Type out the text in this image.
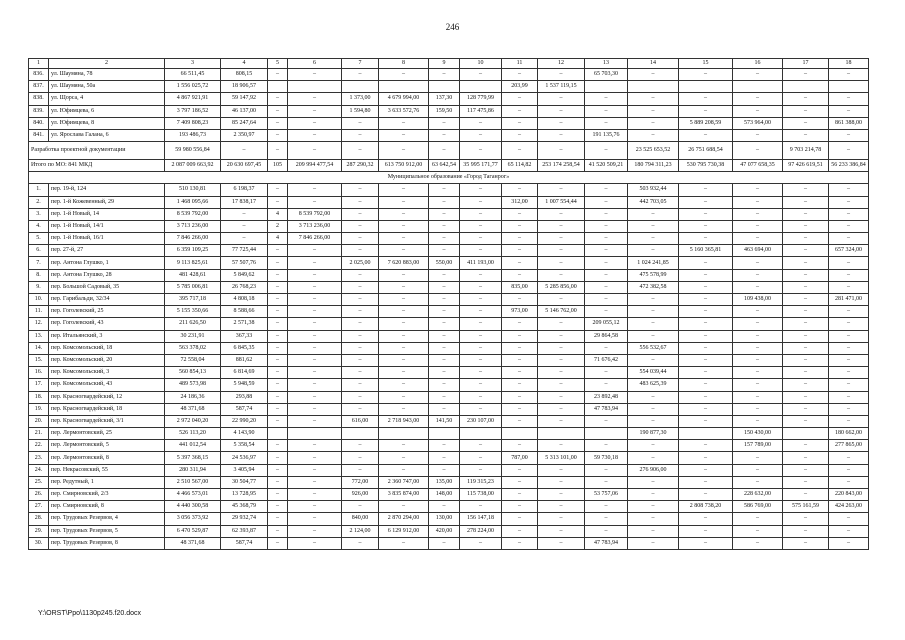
246
1	2	3	4	5	6	7	8	9	10	11	12	13	14	15	16	17	18
836.	ул. Шаумяна, 78	66 511,45	808,15	–	–	–	–	–	–	–	–	65 703,30	–	–	–	–	–
837.	ул. Шаумяна, 50а	1 556 025,72	18 906,57							203,99	1 537 119,15						
838.	ул. Щорса, 4	4 867 921,91	59 147,92	–	–	1 373,00	4 679 994,00	137,30	128 779,99	–	–	–	–	–	–	–	–
839.	ул. Юфимцева, 6	3 797 186,52	46 137,00	–	–	1 594,80	3 633 572,76	159,50	117 475,86	–	–	–	–	–	–	–	–
840.	ул. Юфимцева, 8	7 409 808,23	85 247,64	–	–	–	–	–	–	–	–	–	–	5 889 208,59	573 964,00	–	861 388,00
841.	ул. Ярослава Галана, 6	193 486,73	2 350,97	–	–	–	–	–	–	–	–	191 135,76	–	–	–	–	–
Разработка проектной документации		59 980 556,84	–	–	–	–	–	–	–	–	–	–	23 525 653,52	26 751 688,54	–	9 703 214,78	–
Итого по МО: 841 МКД		2 087 009 663,92	20 630 697,45	105	209 994 477,54	287 290,32	613 750 912,00	63 642,54	35 995 171,77	65 114,82	253 174 258,54	41 520 509,21	180 794 311,23	530 795 730,38	47 077 658,35	97 426 619,51	56 233 386,84
Муниципальное образование «Город Таганрог»																	
1.	пер. 19-й, 124	510 130,81	6 198,37	–	–	–	–	–	–	–	–	–	503 932,44	–	–	–	–
2.	пер. 1-й Кожевенный, 29	1 468 095,66	17 838,17	–	–	–	–	–	–	312,00	1 007 554,44	–	442 703,05	–	–	–	–
3.	пер. 1-й Новый, 14	8 539 792,00	–	4	8 539 792,00	–	–	–	–	–	–	–	–	–	–	–	–
4.	пер. 1-й Новый, 14/1	3 713 236,00	–	2	3 713 236,00	–	–	–	–	–	–	–	–	–	–	–	–
5.	пер. 1-й Новый, 16/1	7 846 266,00	–	4	7 846 266,00	–	–	–	–	–	–	–	–	–	–	–	–
6.	пер. 27-й, 27	6 359 109,25	77 725,44	–	–	–	–	–	–	–	–	–	–	5 160 365,81	463 694,00	–	657 324,00
7.	пер. Антона Глушко, 1	9 113 825,61	57 507,76	–	–	2 025,00	7 620 883,00	550,00	411 193,00	–	–	–	1 024 241,85	–	–	–	–
8.	пер. Антона Глушко, 28	481 428,61	5 849,62	–	–	–	–	–	–	–	–	–	475 578,99	–	–	–	–
9.	пер. Большой Садовый, 35	5 785 006,81	26 768,23	–	–	–	–	–	–	835,00	5 285 856,00	–	472 382,58	–	–	–	–
10.	пер. Гарибальди, 32/34	395 717,18	4 808,18	–	–	–	–	–	–	–	–	–	–	–	109 438,00	–	281 471,00
11.	пер. Гоголевский, 25	5 155 350,66	8 588,66	–	–	–	–	–	–	973,00	5 146 762,00	–	–	–	–	–	–
12.	пер. Гоголевский, 43	211 626,50	2 571,38	–	–	–	–	–	–	–	–	209 055,12	–	–	–	–	–
13.	пер. Итальянский, 3	30 231,91	367,33	–	–	–	–	–	–	–	–	29 864,58	–	–	–	–	–
14.	пер. Комсомольский, 18	563 378,02	6 845,35	–	–	–	–	–	–	–	–	–	556 532,67	–	–	–	–
15.	пер. Комсомольский, 20	72 558,04	881,62	–	–	–	–	–	–	–	–	71 676,42	–	–	–	–	–
16.	пер. Комсомольский, 3	560 854,13	6 814,69	–	–	–	–	–	–	–	–	–	554 039,44	–	–	–	–
17.	пер. Комсомольский, 43	489 573,98	5 948,59	–	–	–	–	–	–	–	–	–	483 625,39	–	–	–	–
18.	пер. Красногвардейский, 12	24 186,36	293,88	–	–	–	–	–	–	–	–	23 892,48	–	–	–	–	–
19.	пер. Красногвардейский, 18	48 371,68	587,74	–	–	–	–	–	–	–	–	47 783,94	–	–	–	–	–
20.	пер. Красногвардейский, 3/1	2 972 040,20	22 990,20	–	–	616,00	2 718 943,00	141,50	230 107,00	–	–	–	–	–	–	–	–
21.	пер. Лермонтовский, 25	526 113,20	4 143,90										190 877,30		150 430,00		180 662,00
22.	пер. Лермонтовский, 5	441 012,54	5 358,54	–	–	–	–	–	–	–	–	–	–	–	157 789,00	–	277 865,00
23.	пер. Лермонтовский, 8	5 397 368,15	24 536,97	–	–	–	–	–	–	787,00	5 313 101,00	59 730,18	–	–	–	–	–
24.	пер. Некрасовский, 55	280 311,94	3 405,94	–	–	–	–	–	–	–	–	–	276 906,00	–	–	–	–
25.	пер. Редутный, 1	2 510 567,00	30 504,77	–	–	772,00	2 360 747,00	135,00	119 315,23	–	–	–	–	–	–	–	–
26.	пер. Смирновский, 2/3	4 466 573,01	13 728,95	–	–	926,00	3 835 874,00	148,00	115 738,00	–	–	53 757,06	–	–	228 632,00	–	220 843,00
27.	пер. Смирновский, 8	4 440 300,58	45 368,79	–	–	–	–	–	–	–	–	–	–	2 808 738,20	586 769,00	575 161,59	424 263,00
28.	пер. Трудовых Резервов, 4	3 056 373,92	29 932,74	–	–	840,00	2 870 294,00	130,00	156 147,18	–	–	–	–	–	–	–	–
29.	пер. Трудовых Резервов, 5	6 470 529,87	62 393,87	–	–	2 124,00	6 129 912,00	420,00	278 224,00	–	–	–	–	–	–	–	–
30.	пер. Трудовых Резервов, 8	48 371,68	587,74	–	–	–	–	–	–	–	–	47 783,94	–	–	–	–	–
Y:\ORST\Ppo\1130p245.f20.docx
